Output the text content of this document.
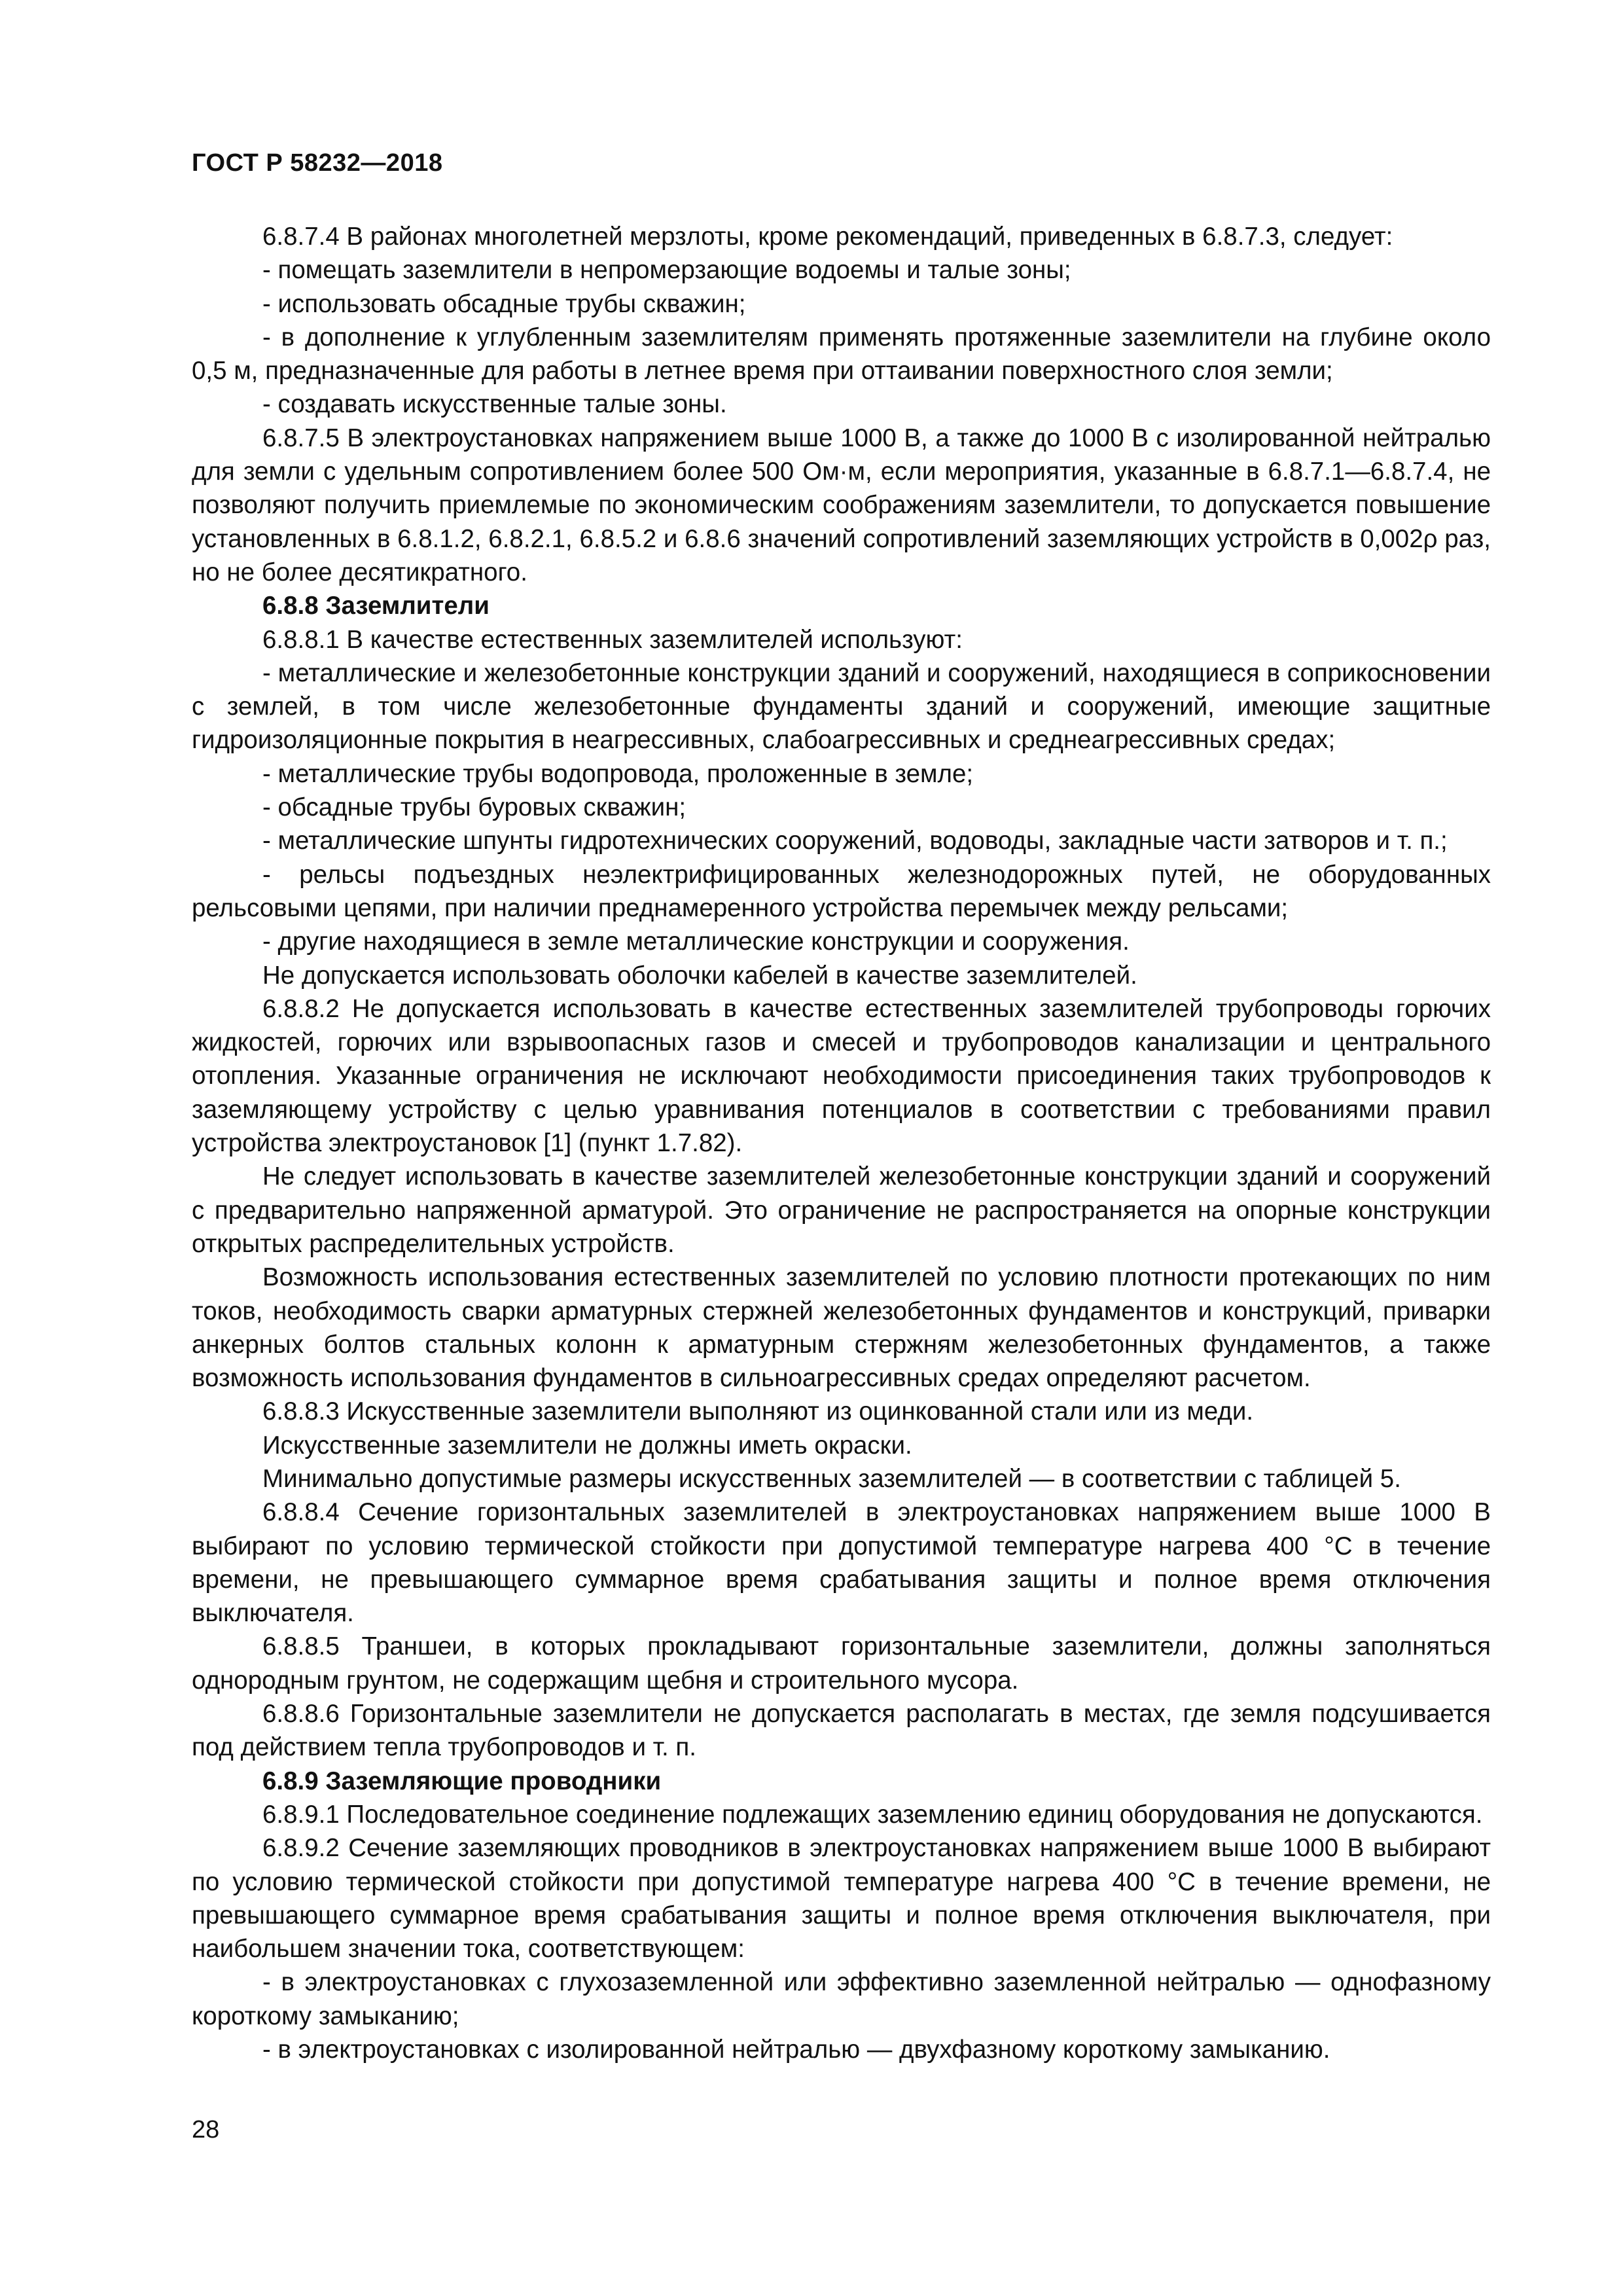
ГОСТ Р 58232—2018

6.8.7.4 В районах многолетней мерзлоты, кроме рекомендаций, приведенных в 6.8.7.3, следует:

- помещать заземлители в непромерзающие водоемы и талые зоны;

- использовать обсадные трубы скважин;

- в дополнение к углубленным заземлителям применять протяженные заземлители на глубине около 0,5 м, предназначенные для работы в летнее время при оттаивании поверхностного слоя земли;

- создавать искусственные талые зоны.

6.8.7.5 В электроустановках напряжением выше 1000 В, а также до 1000 В с изолированной нейтралью для земли с удельным сопротивлением более 500 Ом·м, если мероприятия, указанные в 6.8.7.1—6.8.7.4, не позволяют получить приемлемые по экономическим соображениям заземлители, то допускается повышение установленных в 6.8.1.2, 6.8.2.1, 6.8.5.2 и 6.8.6 значений сопротивлений заземляющих устройств в 0,002ρ раз, но не более десятикратного.

6.8.8 Заземлители

6.8.8.1 В качестве естественных заземлителей используют:

- металлические и железобетонные конструкции зданий и сооружений, находящиеся в соприкосновении с землей, в том числе железобетонные фундаменты зданий и сооружений, имеющие защитные гидроизоляционные покрытия в неагрессивных, слабоагрессивных и среднеагрессивных средах;

- металлические трубы водопровода, проложенные в земле;

- обсадные трубы буровых скважин;

- металлические шпунты гидротехнических сооружений, водоводы, закладные части затворов и т. п.;

- рельсы подъездных неэлектрифицированных железнодорожных путей, не оборудованных рельсовыми цепями, при наличии преднамеренного устройства перемычек между рельсами;

- другие находящиеся в земле металлические конструкции и сооружения.

Не допускается использовать оболочки кабелей в качестве заземлителей.

6.8.8.2 Не допускается использовать в качестве естественных заземлителей трубопроводы горючих жидкостей, горючих или взрывоопасных газов и смесей и трубопроводов канализации и центрального отопления. Указанные ограничения не исключают необходимости присоединения таких трубопроводов к заземляющему устройству с целью уравнивания потенциалов в соответствии с требованиями правил устройства электроустановок [1] (пункт 1.7.82).

Не следует использовать в качестве заземлителей железобетонные конструкции зданий и сооружений с предварительно напряженной арматурой. Это ограничение не распространяется на опорные конструкции открытых распределительных устройств.

Возможность использования естественных заземлителей по условию плотности протекающих по ним токов, необходимость сварки арматурных стержней железобетонных фундаментов и конструкций, приварки анкерных болтов стальных колонн к арматурным стержням железобетонных фундаментов, а также возможность использования фундаментов в сильноагрессивных средах определяют расчетом.

6.8.8.3 Искусственные заземлители выполняют из оцинкованной стали или из меди.

Искусственные заземлители не должны иметь окраски.

Минимально допустимые размеры искусственных заземлителей — в соответствии с таблицей 5.

6.8.8.4 Сечение горизонтальных заземлителей в электроустановках напряжением выше 1000 В выбирают по условию термической стойкости при допустимой температуре нагрева 400 °С в течение времени, не превышающего суммарное время срабатывания защиты и полное время отключения выключателя.

6.8.8.5 Траншеи, в которых прокладывают горизонтальные заземлители, должны заполняться однородным грунтом, не содержащим щебня и строительного мусора.

6.8.8.6 Горизонтальные заземлители не допускается располагать в местах, где земля подсушивается под действием тепла трубопроводов и т. п.

6.8.9 Заземляющие проводники

6.8.9.1 Последовательное соединение подлежащих заземлению единиц оборудования не допускаются.

6.8.9.2 Сечение заземляющих проводников в электроустановках напряжением выше 1000 В выбирают по условию термической стойкости при допустимой температуре нагрева 400 °С в течение времени, не превышающего суммарное время срабатывания защиты и полное время отключения выключателя, при наибольшем значении тока, соответствующем:

- в электроустановках с глухозаземленной или эффективно заземленной нейтралью — однофазному короткому замыканию;

- в электроустановках с изолированной нейтралью — двухфазному короткому замыканию.

28
